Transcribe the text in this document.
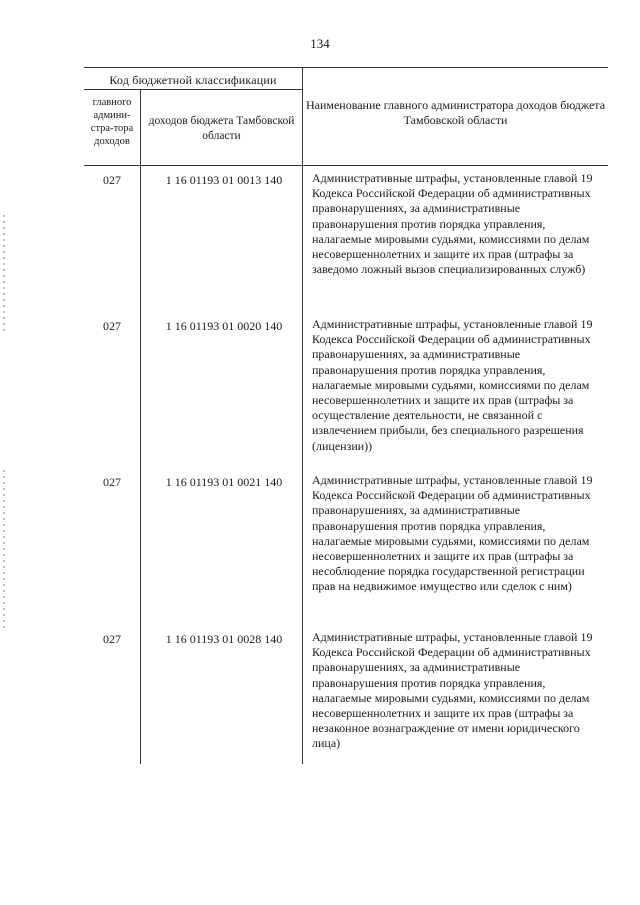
134
Код бюджетной классификации
главного админи-стра-тора доходов
доходов бюджета Тамбовской области
Наименование главного администратора доходов бюджета Тамбовской области
027	1 16 01193 01 0013 140	Административные штрафы, установленные главой 19 Кодекса Российской Федерации об административных правонарушениях, за административные правонарушения против порядка управления, налагаемые мировыми судьями, комиссиями по делам несовершеннолетних и защите их прав (штрафы за заведомо ложный вызов специализированных служб)
027	1 16 01193 01 0020 140	Административные штрафы, установленные главой 19 Кодекса Российской Федерации об административных правонарушениях, за административные правонарушения против порядка управления, налагаемые мировыми судьями, комиссиями по делам несовершеннолетних и защите их прав (штрафы за осуществление деятельности, не связанной с извлечением прибыли, без специального разрешения (лицензии))
027	1 16 01193 01 0021 140	Административные штрафы, установленные главой 19 Кодекса Российской Федерации об административных правонарушениях, за административные правонарушения против порядка управления, налагаемые мировыми судьями, комиссиями по делам несовершеннолетних и защите их прав (штрафы за несоблюдение порядка государственной регистрации прав на недвижимое имущество или сделок с ним)
027	1 16 01193 01 0028 140	Административные штрафы, установленные главой 19 Кодекса Российской Федерации об административных правонарушениях, за административные правонарушения против порядка управления, налагаемые мировыми судьями, комиссиями по делам несовершеннолетних и защите их прав (штрафы за незаконное вознаграждение от имени юридического лица)
